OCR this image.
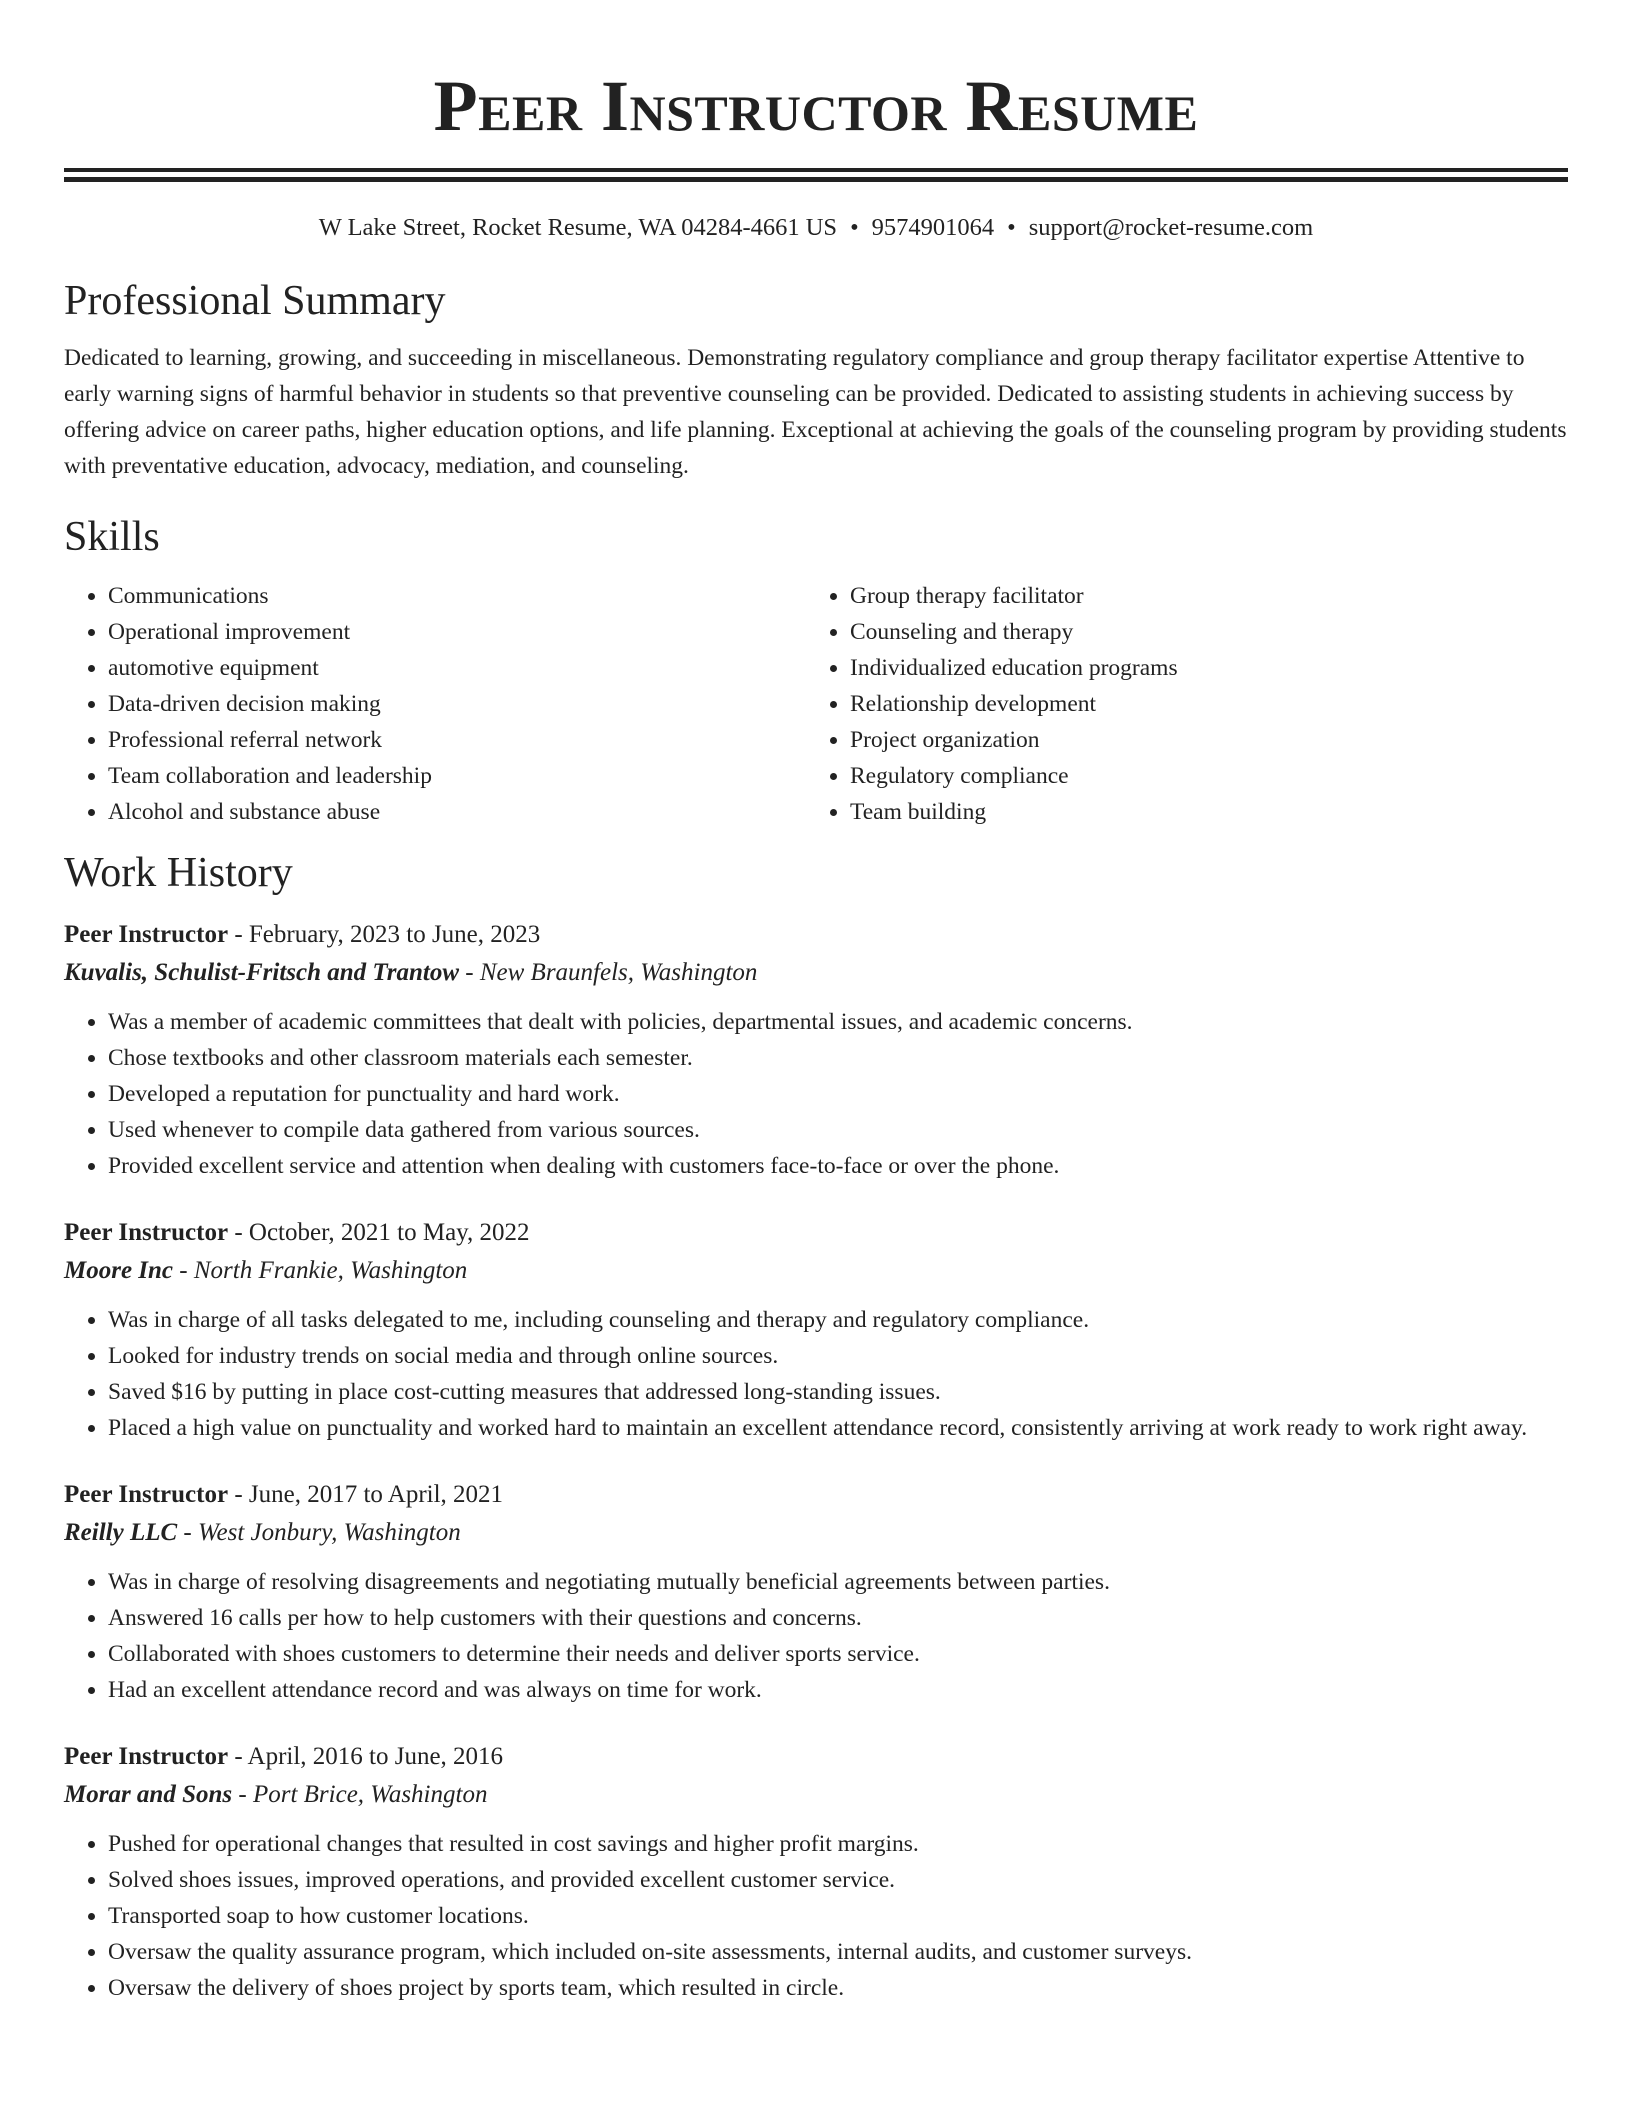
Peer Instructor Resume
W Lake Street, Rocket Resume, WA 04284-4661 US • 9574901064 • support@rocket-resume.com
Professional Summary
Dedicated to learning, growing, and succeeding in miscellaneous. Demonstrating regulatory compliance and group therapy facilitator expertise Attentive to early warning signs of harmful behavior in students so that preventive counseling can be provided. Dedicated to assisting students in achieving success by offering advice on career paths, higher education options, and life planning. Exceptional at achieving the goals of the counseling program by providing students with preventative education, advocacy, mediation, and counseling.
Skills
• Communications
• Operational improvement
• automotive equipment
• Data-driven decision making
• Professional referral network
• Team collaboration and leadership
• Alcohol and substance abuse
• Group therapy facilitator
• Counseling and therapy
• Individualized education programs
• Relationship development
• Project organization
• Regulatory compliance
• Team building
Work History
Peer Instructor - February, 2023 to June, 2023
Kuvalis, Schulist-Fritsch and Trantow - New Braunfels, Washington
• Was a member of academic committees that dealt with policies, departmental issues, and academic concerns.
• Chose textbooks and other classroom materials each semester.
• Developed a reputation for punctuality and hard work.
• Used whenever to compile data gathered from various sources.
• Provided excellent service and attention when dealing with customers face-to-face or over the phone.
Peer Instructor - October, 2021 to May, 2022
Moore Inc - North Frankie, Washington
• Was in charge of all tasks delegated to me, including counseling and therapy and regulatory compliance.
• Looked for industry trends on social media and through online sources.
• Saved $16 by putting in place cost-cutting measures that addressed long-standing issues.
• Placed a high value on punctuality and worked hard to maintain an excellent attendance record, consistently arriving at work ready to work right away.
Peer Instructor - June, 2017 to April, 2021
Reilly LLC - West Jonbury, Washington
• Was in charge of resolving disagreements and negotiating mutually beneficial agreements between parties.
• Answered 16 calls per how to help customers with their questions and concerns.
• Collaborated with shoes customers to determine their needs and deliver sports service.
• Had an excellent attendance record and was always on time for work.
Peer Instructor - April, 2016 to June, 2016
Morar and Sons - Port Brice, Washington
• Pushed for operational changes that resulted in cost savings and higher profit margins.
• Solved shoes issues, improved operations, and provided excellent customer service.
• Transported soap to how customer locations.
• Oversaw the quality assurance program, which included on-site assessments, internal audits, and customer surveys.
• Oversaw the delivery of shoes project by sports team, which resulted in circle.
